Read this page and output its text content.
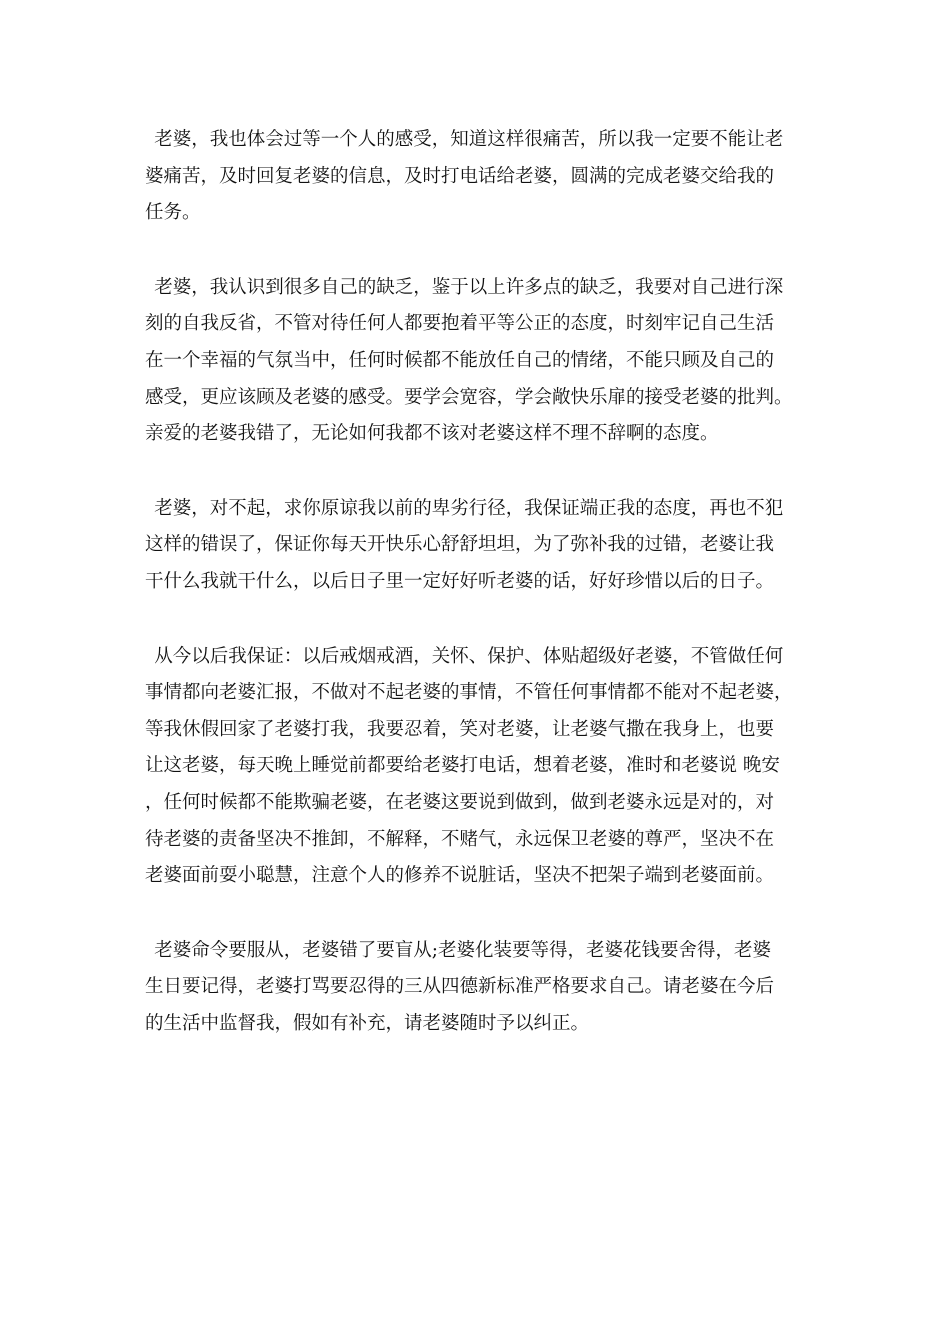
老婆，我也体会过等一个人的感受，知道这样很痛苦，所以我一定要不能让老
婆痛苦，及时回复老婆的信息，及时打电话给老婆，圆满的完成老婆交给我的
任务。

老婆，我认识到很多自己的缺乏，鉴于以上许多点的缺乏，我要对自己进行深
刻的自我反省，不管对待任何人都要抱着平等公正的态度，时刻牢记自己生活
在一个幸福的气氛当中，任何时候都不能放任自己的情绪，不能只顾及自己的
感受，更应该顾及老婆的感受。要学会宽容，学会敞快乐扉的接受老婆的批判。
亲爱的老婆我错了，无论如何我都不该对老婆这样不理不辞啊的态度。

老婆，对不起，求你原谅我以前的卑劣行径，我保证端正我的态度，再也不犯
这样的错误了，保证你每天开快乐心舒舒坦坦，为了弥补我的过错，老婆让我
干什么我就干什么，以后日子里一定好好听老婆的话，好好珍惜以后的日子。

从今以后我保证：以后戒烟戒酒，关怀、保护、体贴超级好老婆，不管做任何
事情都向老婆汇报，不做对不起老婆的事情，不管任何事情都不能对不起老婆，
等我休假回家了老婆打我，我要忍着，笑对老婆，让老婆气撒在我身上，也要
让这老婆，每天晚上睡觉前都要给老婆打电话，想着老婆，准时和老婆说 晚安
，任何时候都不能欺骗老婆，在老婆这要说到做到，做到老婆永远是对的，对
待老婆的责备坚决不推卸，不解释，不赌气，永远保卫老婆的尊严，坚决不在
老婆面前耍小聪慧，注意个人的修养不说脏话，坚决不把架子端到老婆面前。

老婆命令要服从，老婆错了要盲从;老婆化装要等得，老婆花钱要舍得，老婆
生日要记得，老婆打骂要忍得的三从四德新标准严格要求自己。请老婆在今后
的生活中监督我，假如有补充，请老婆随时予以纠正。
